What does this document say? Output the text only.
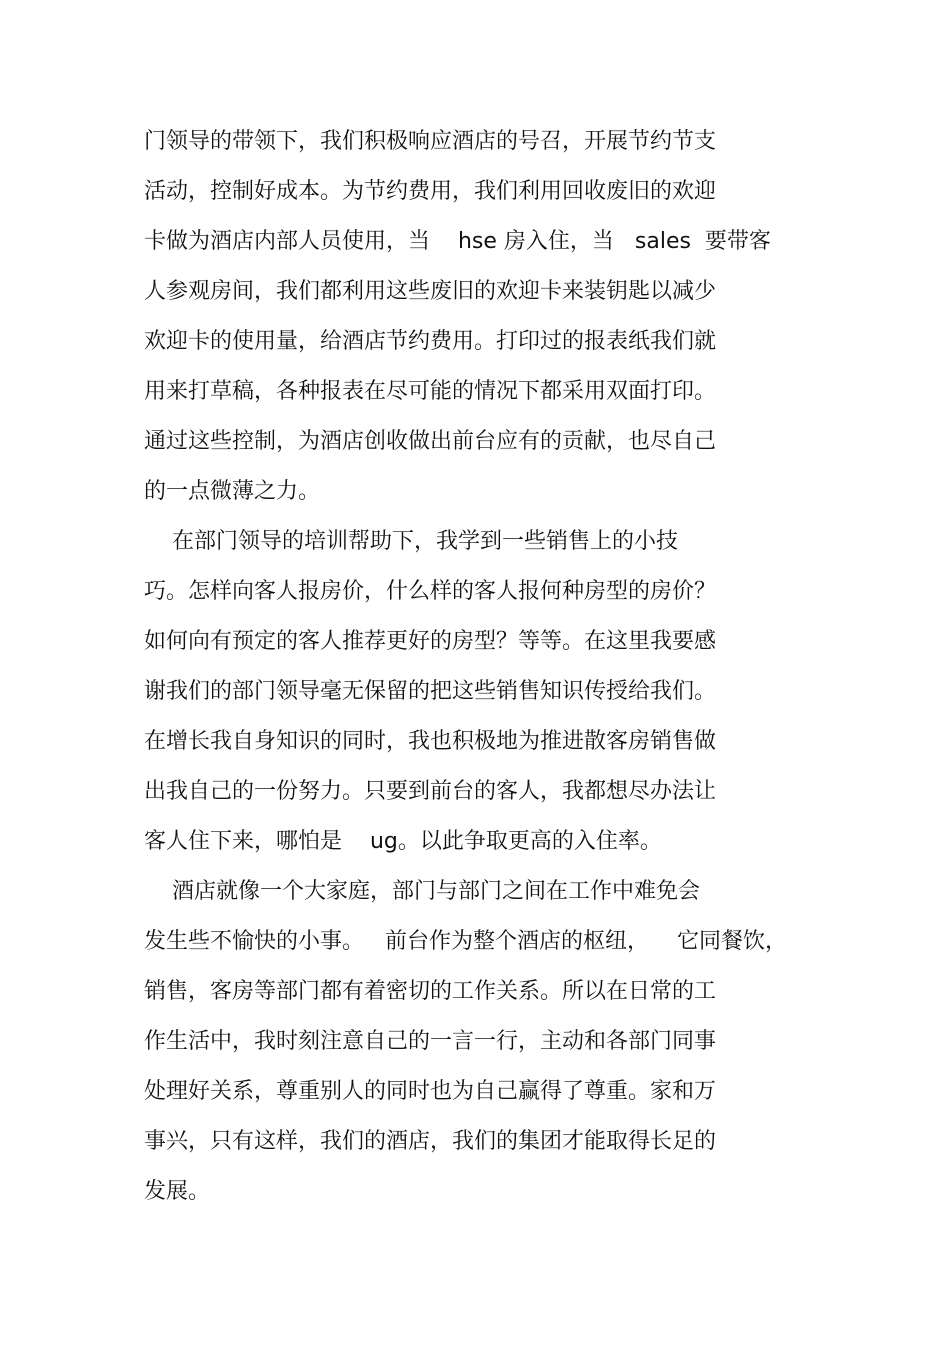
门领导的带领下，我们积极响应酒店的号召，开展节约节支

活动，控制好成本。为节约费用，我们利用回收废旧的欢迎

卡做为酒店内部人员使用，当    hse 房入住，当   sales  要带客

人参观房间，我们都利用这些废旧的欢迎卡来装钥匙以减少

欢迎卡的使用量，给酒店节约费用。打印过的报表纸我们就

用来打草稿，各种报表在尽可能的情况下都采用双面打印。

通过这些控制，为酒店创收做出前台应有的贡献，也尽自己

的一点微薄之力。

在部门领导的培训帮助下，我学到一些销售上的小技

巧。怎样向客人报房价，什么样的客人报何种房型的房价？

如何向有预定的客人推荐更好的房型？等等。在这里我要感

谢我们的部门领导毫无保留的把这些销售知识传授给我们。

在增长我自身知识的同时，我也积极地为推进散客房销售做

出我自己的一份努力。只要到前台的客人，我都想尽办法让

客人住下来，哪怕是    ug。以此争取更高的入住率。

酒店就像一个大家庭，部门与部门之间在工作中难免会

发生些不愉快的小事。   前台作为整个酒店的枢纽，    它同餐饮，

销售，客房等部门都有着密切的工作关系。所以在日常的工

作生活中，我时刻注意自己的一言一行，主动和各部门同事

处理好关系，尊重别人的同时也为自己赢得了尊重。家和万

事兴，只有这样，我们的酒店，我们的集团才能取得长足的

发展。
